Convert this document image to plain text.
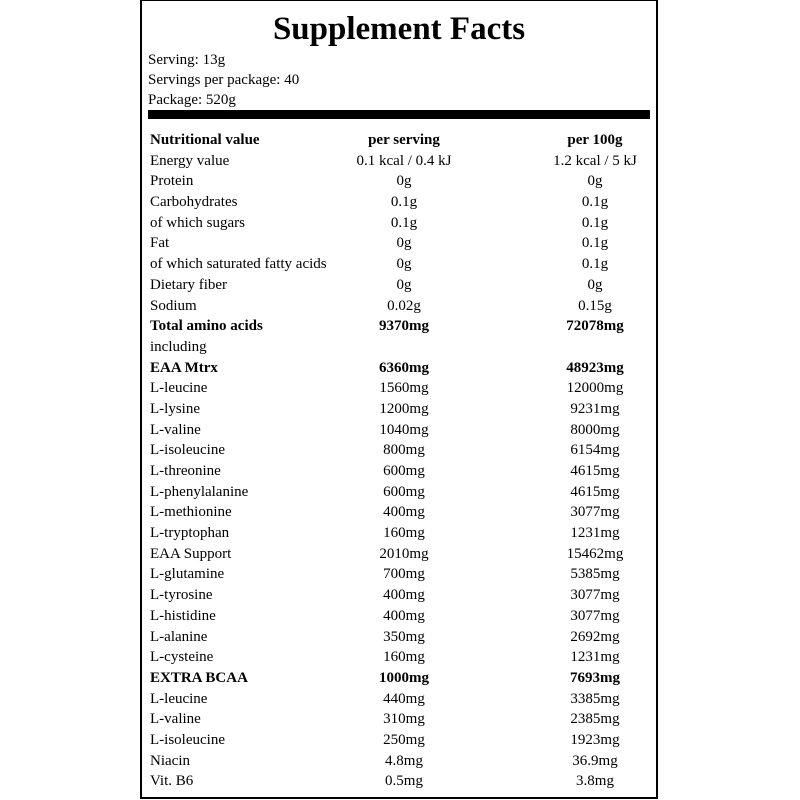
Supplement Facts
Serving: 13g
Servings per package: 40
Package: 520g
Nutritional value	per serving	per 100g
Energy value	0.1 kcal / 0.4 kJ	1.2 kcal / 5 kJ
Protein	0g	0g
Carbohydrates	0.1g	0.1g
of which sugars	0.1g	0.1g
Fat	0g	0.1g
of which saturated fatty acids	0g	0.1g
Dietary fiber	0g	0g
Sodium	0.02g	0.15g
Total amino acids	9370mg	72078mg
including
EAA Mtrx	6360mg	48923mg
L-leucine	1560mg	12000mg
L-lysine	1200mg	9231mg
L-valine	1040mg	8000mg
L-isoleucine	800mg	6154mg
L-threonine	600mg	4615mg
L-phenylalanine	600mg	4615mg
L-methionine	400mg	3077mg
L-tryptophan	160mg	1231mg
EAA Support	2010mg	15462mg
L-glutamine	700mg	5385mg
L-tyrosine	400mg	3077mg
L-histidine	400mg	3077mg
L-alanine	350mg	2692mg
L-cysteine	160mg	1231mg
EXTRA BCAA	1000mg	7693mg
L-leucine	440mg	3385mg
L-valine	310mg	2385mg
L-isoleucine	250mg	1923mg
Niacin	4.8mg	36.9mg
Vit. B6	0.5mg	3.8mg
